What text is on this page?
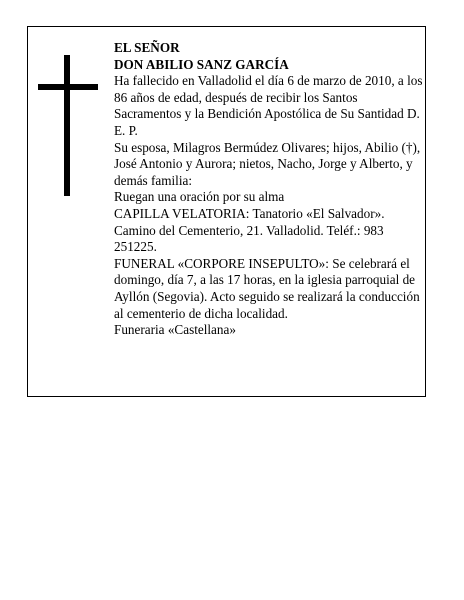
EL SEÑOR

DON ABILIO SANZ GARCÍA

Ha fallecido en Valladolid el día 6 de marzo de 2010, a los 86 años de edad, después de recibir los Santos Sacramentos y la Bendición Apostólica de Su Santidad D. E. P.

Su esposa, Milagros Bermúdez Olivares; hijos, Abilio (†), José Antonio y Aurora; nietos, Nacho, Jorge y Alberto, y demás familia:

Ruegan una oración por su alma

CAPILLA VELATORIA: Tanatorio «El Salvador». Camino del Cementerio, 21. Valladolid. Teléf.: 983 251225.

FUNERAL «CORPORE INSEPULTO»: Se celebrará el domingo, día 7, a las 17 horas, en la iglesia parroquial de Ayllón (Segovia). Acto seguido se realizará la conducción al cementerio de dicha localidad.

Funeraria «Castellana»
